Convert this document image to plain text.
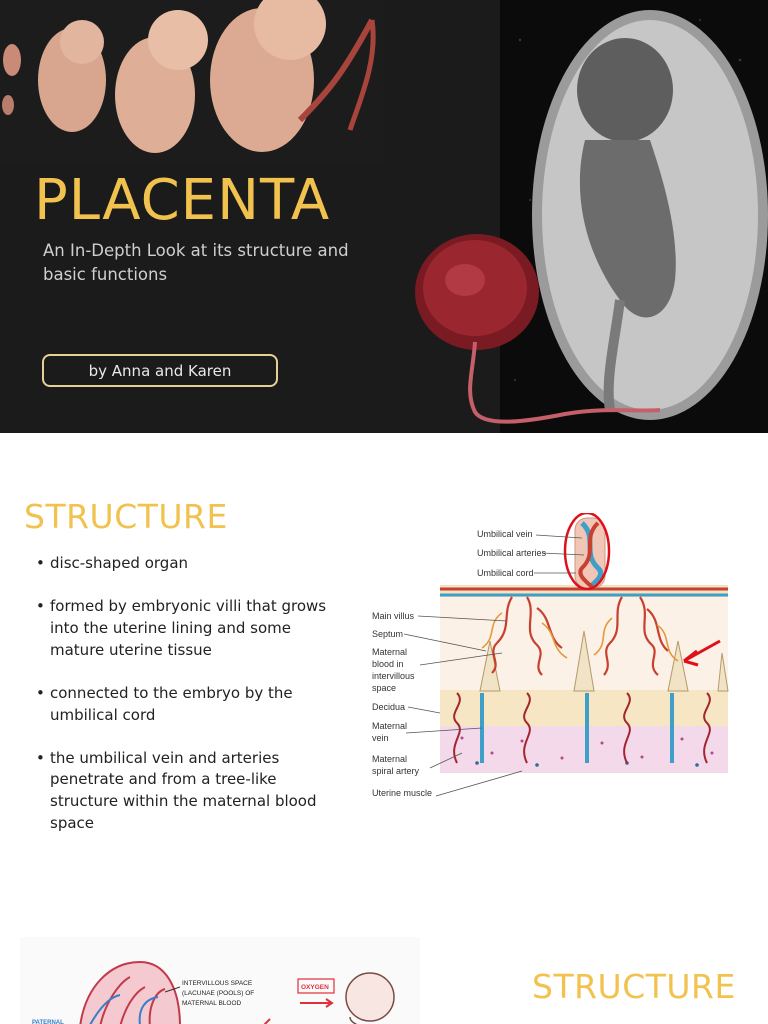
PLACENTA

An In-Depth Look at its structure and basic functions

by Anna and Karen
STRUCTURE
• disc-shaped organ
• formed by embryonic villi that grows into the uterine lining and some mature uterine tissue
• connected to the embryo by the umbilical cord
• the umbilical vein and arteries penetrate and from a tree-like structure within the maternal blood space
Umbilical vein
Umbilical arteries
Umbilical cord
Main villus
Septum
Maternal
blood in
intervillous
space
Decidua
Maternal
vein
Maternal
spiral artery
Uterine muscle
INTERVILLOUS SPACE
(LACUNAE (POOLS) OF
MATERNAL BLOOD
PATERNAL
OXYGEN	STRUCTURE
